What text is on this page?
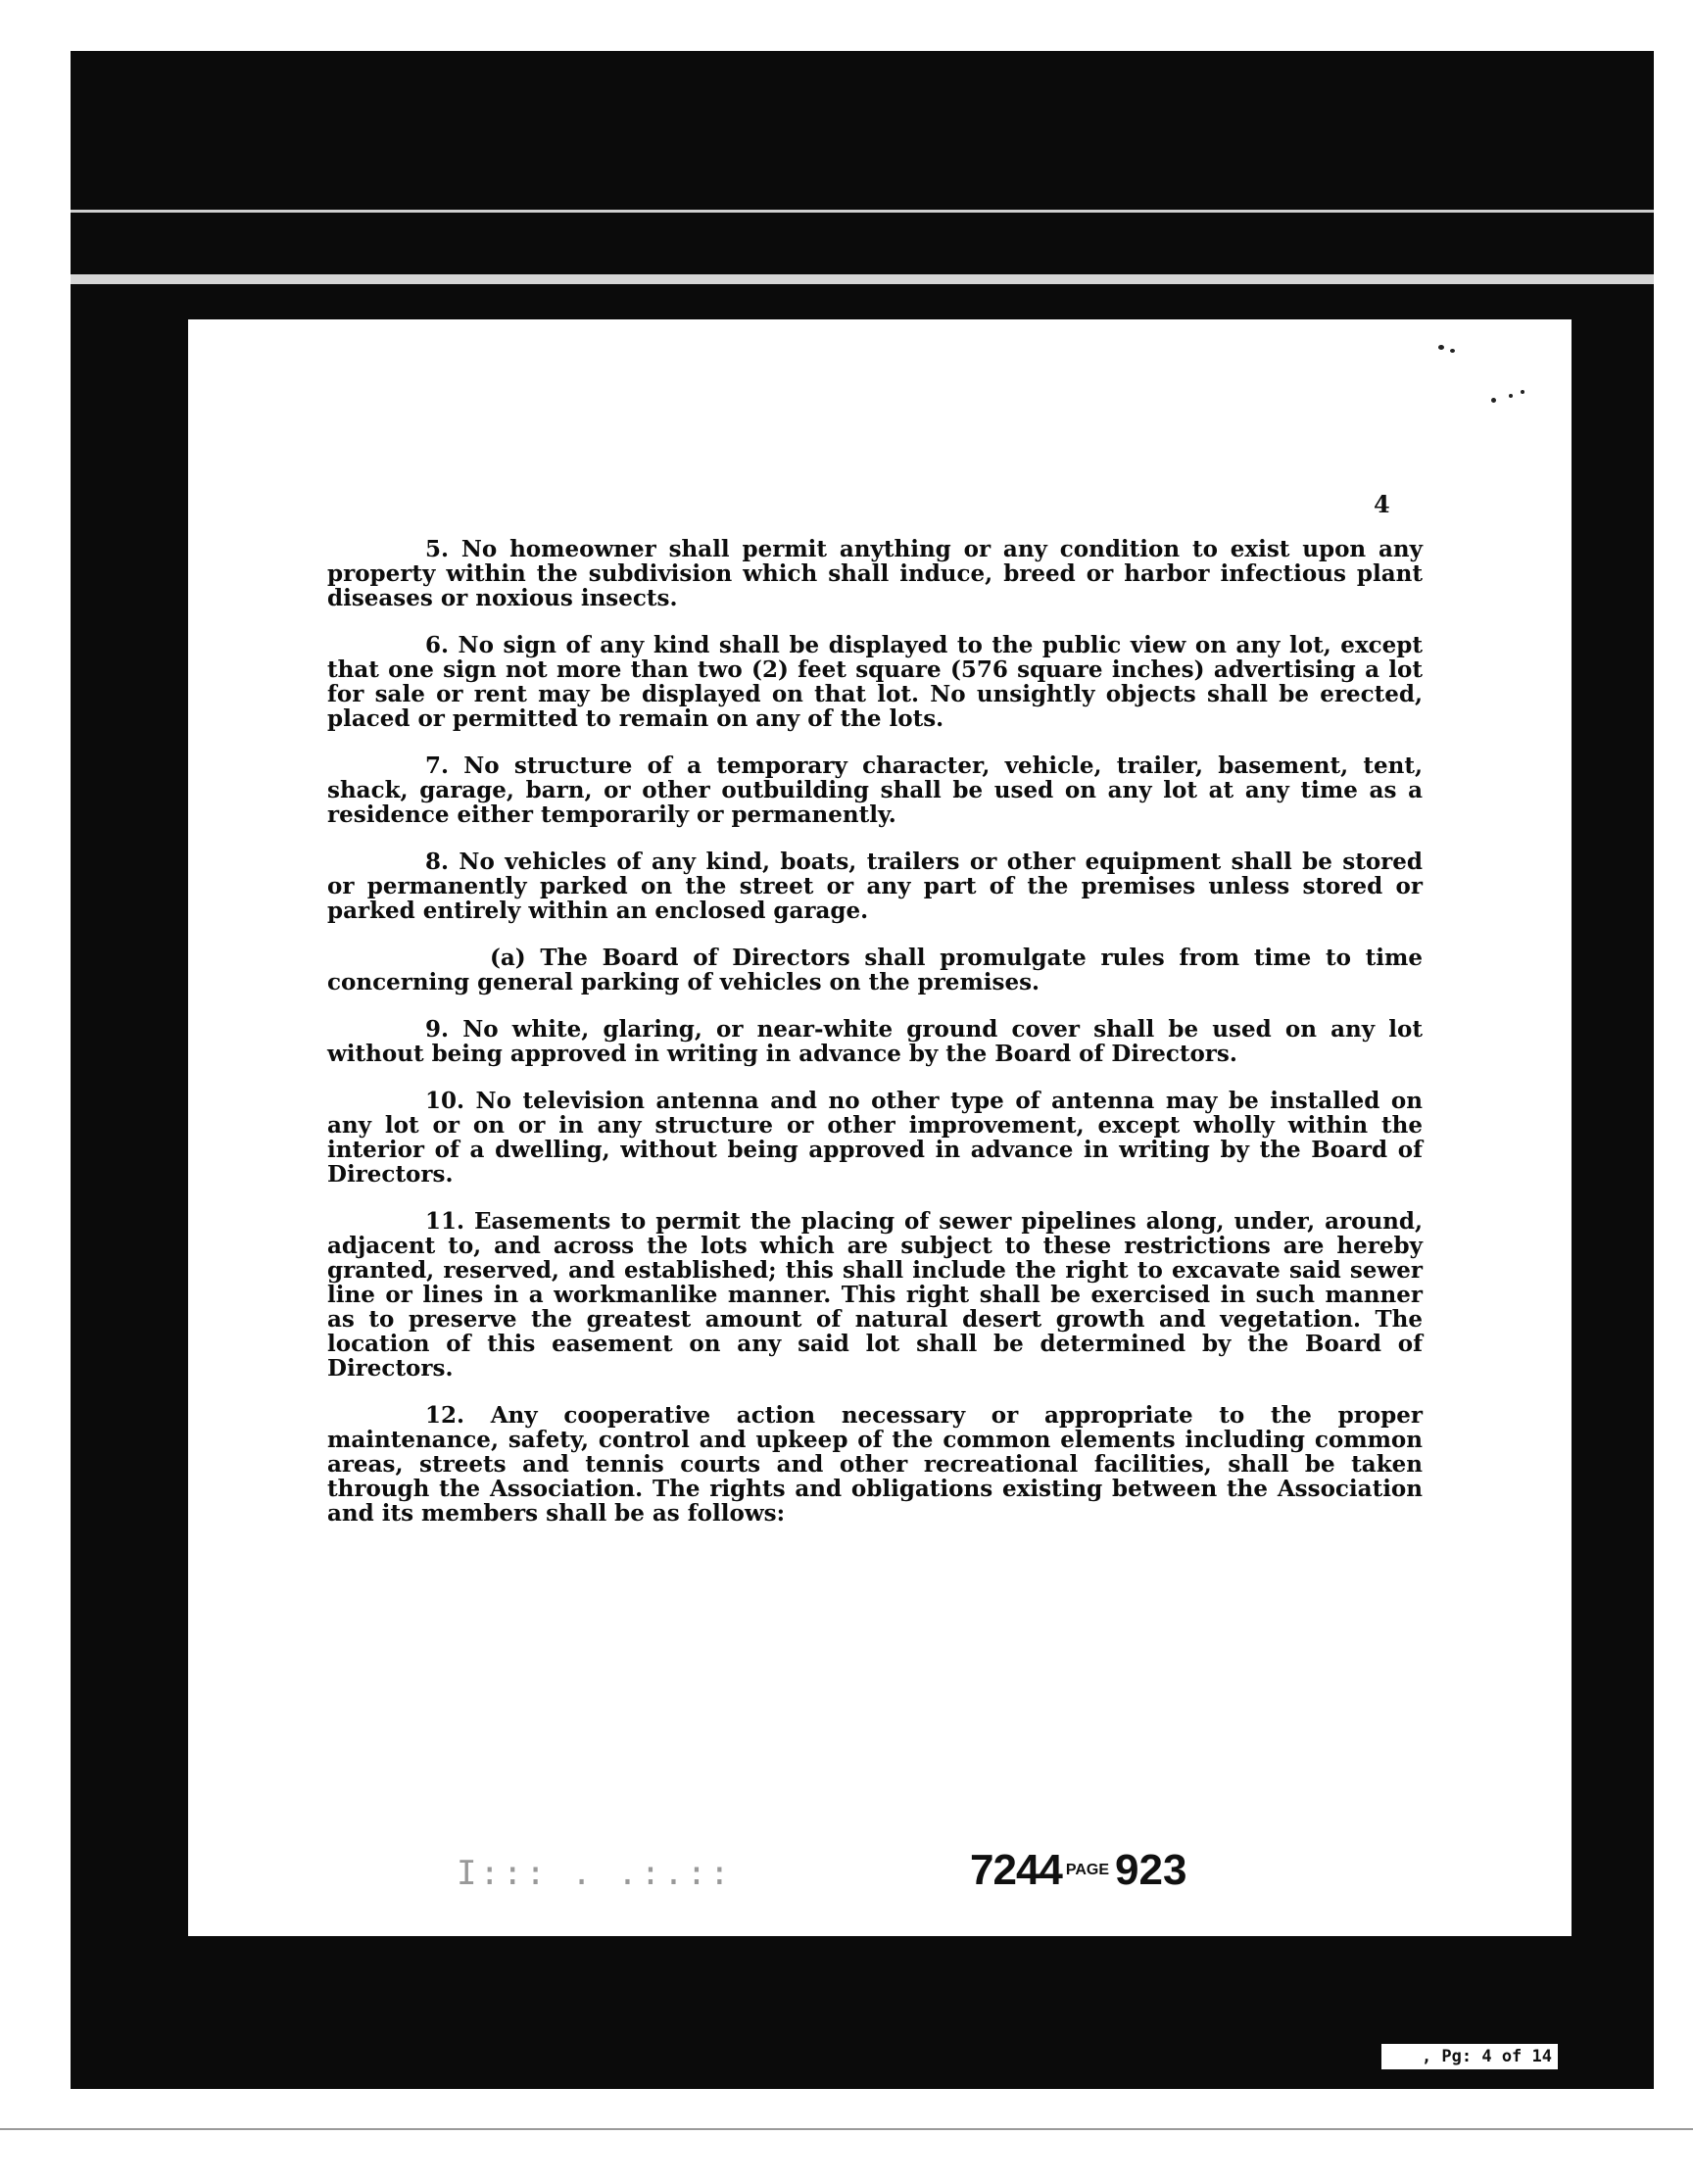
4

5. No homeowner shall permit anything or any condition to exist upon any property within the subdivision which shall induce, breed or harbor infectious plant diseases or noxious insects.

6. No sign of any kind shall be displayed to the public view on any lot, except that one sign not more than two (2) feet square (576 square inches) advertising a lot for sale or rent may be displayed on that lot. No unsightly objects shall be erected, placed or permitted to remain on any of the lots.

7. No structure of a temporary character, vehicle, trailer, basement, tent, shack, garage, barn, or other outbuilding shall be used on any lot at any time as a residence either temporarily or permanently.

8. No vehicles of any kind, boats, trailers or other equipment shall be stored or permanently parked on the street or any part of the premises unless stored or parked entirely within an enclosed garage.

(a) The Board of Directors shall promulgate rules from time to time concerning general parking of vehicles on the premises.

9. No white, glaring, or near-white ground cover shall be used on any lot without being approved in writing in advance by the Board of Directors.

10. No television antenna and no other type of antenna may be installed on any lot or on or in any structure or other improvement, except wholly within the interior of a dwelling, without being approved in advance in writing by the Board of Directors.

11. Easements to permit the placing of sewer pipelines along, under, around, adjacent to, and across the lots which are subject to these restrictions are hereby granted, reserved, and established; this shall include the right to excavate said sewer line or lines in a workmanlike manner. This right shall be exercised in such manner as to preserve the greatest amount of natural desert growth and vegetation. The location of this easement on any said lot shall be determined by the Board of Directors.

12. Any cooperative action necessary or appropriate to the proper maintenance, safety, control and upkeep of the common elements including common areas, streets and tennis courts and other recreational facilities, shall be taken through the Association. The rights and obligations existing between the Association and its members shall be as follows:

I::: . .:.::	7244 PAGE 923
, Pg: 4 of 14
